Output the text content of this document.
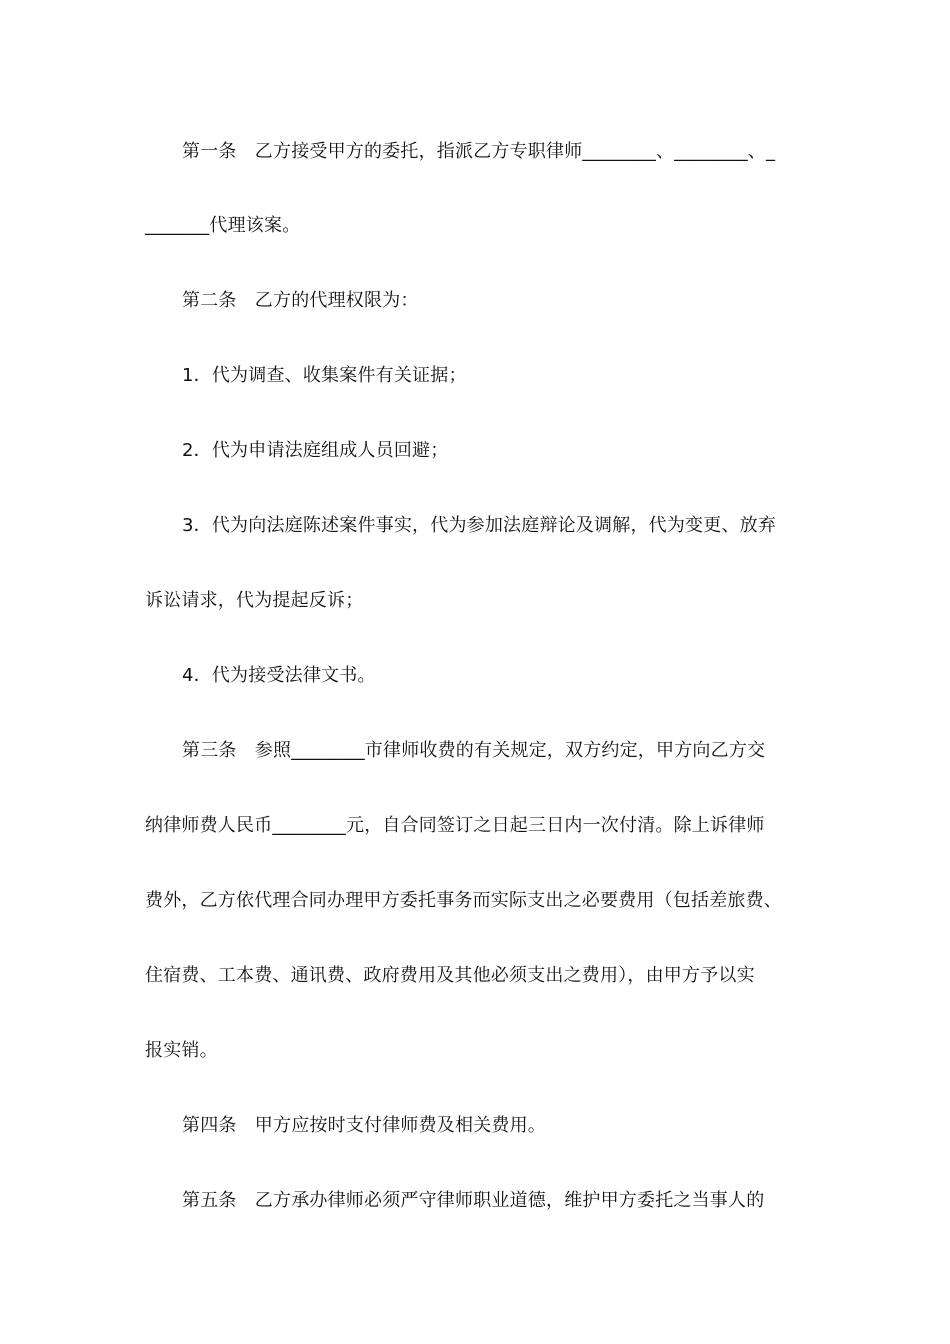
第一条　乙方接受甲方的委托，指派乙方专职律师________、________、_
_______代理该案。
第二条　乙方的代理权限为：
1．代为调查、收集案件有关证据；
2．代为申请法庭组成人员回避；
3．代为向法庭陈述案件事实，代为参加法庭辩论及调解，代为变更、放弃
诉讼请求，代为提起反诉；
4．代为接受法律文书。
第三条　参照________市律师收费的有关规定，双方约定，甲方向乙方交
纳律师费人民币________元，自合同签订之日起三日内一次付清。除上诉律师
费外，乙方依代理合同办理甲方委托事务而实际支出之必要费用（包括差旅费、
住宿费、工本费、通讯费、政府费用及其他必须支出之费用），由甲方予以实
报实销。
第四条　甲方应按时支付律师费及相关费用。
第五条　乙方承办律师必须严守律师职业道德，维护甲方委托之当事人的
